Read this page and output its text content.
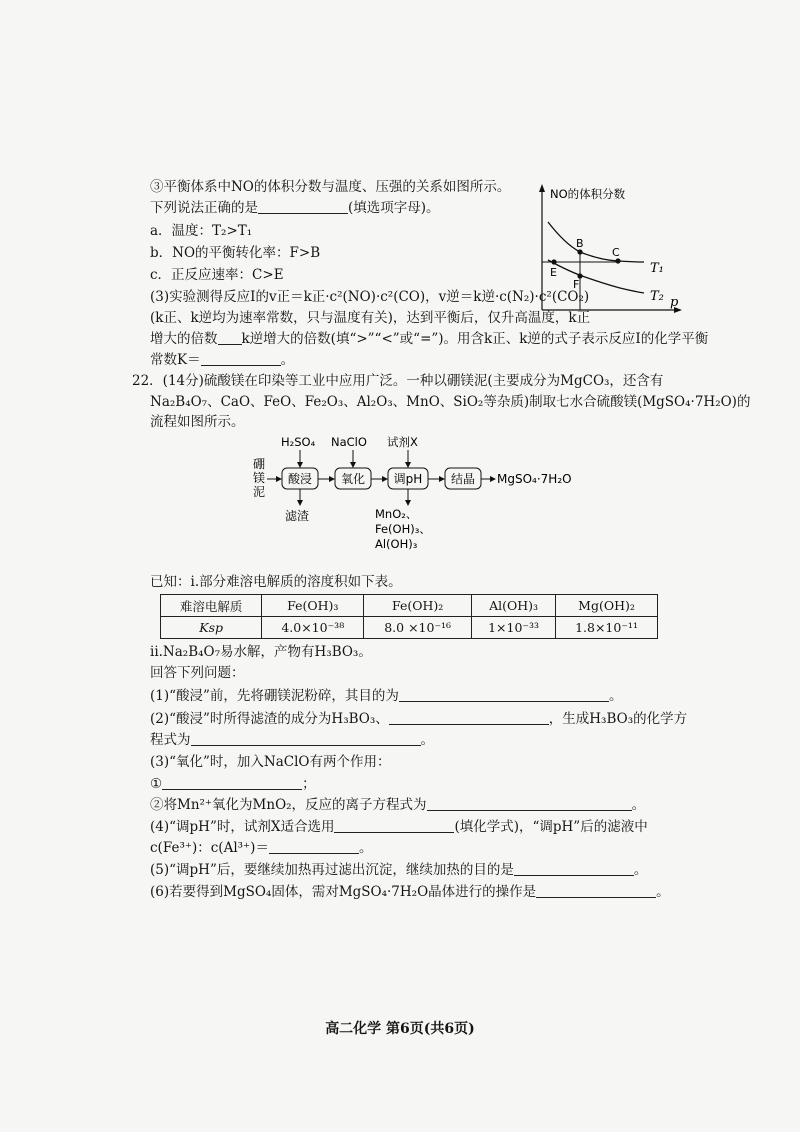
③平衡体系中NO的体积分数与温度、压强的关系如图所示。
下列说法正确的是	(填选项字母)。
a．温度：T₂>T₁
b．NO的平衡转化率：F>B
c．正反应速率：C>E
(3)实验测得反应Ⅰ的v正＝k正·c²(NO)·c²(CO)，v逆＝k逆·c(N₂)·c²(CO₂)
(k正、k逆均为速率常数，只与温度有关)，达到平衡后，仅升高温度，k正
增大的倍数 k逆增大的倍数(填“>”“<”或“=”)。用含k正、k逆的式子表示反应Ⅰ的化学平衡
常数K＝	。
NO的体积分数
p
T₁
T₂
B
C
E
F
22．(14分)硫酸镁在印染等工业中应用广泛。一种以硼镁泥(主要成分为MgCO₃，还含有
Na₂B₄O₇、CaO、FeO、Fe₂O₃、Al₂O₃、MnO、SiO₂等杂质)制取七水合硫酸镁(MgSO₄·7H₂O)的
流程如图所示。
硼
镁
泥
酸浸 氧化 调pH 结晶 MgSO₄·7H₂O
H₂SO₄ NaClO 试剂X
滤渣	MnO₂、
Fe(OH)₃、
Al(OH)₃
已知：i.部分难溶电解质的溶度积如下表。
难溶电解质	Fe(OH)₃	Fe(OH)₂	Al(OH)₃	Mg(OH)₂
Ksp	4.0×10⁻³⁸	8.0 ×10⁻¹⁶	1×10⁻³³	1.8×10⁻¹¹
ii.Na₂B₄O₇易水解，产物有H₃BO₃。
回答下列问题：
(1)“酸浸”前，先将硼镁泥粉碎，其目的为	。
(2)“酸浸”时所得滤渣的成分为H₃BO₃、	，生成H₃BO₃的化学方
程式为	。
(3)“氧化”时，加入NaClO有两个作用：
①	；
②将Mn²⁺氧化为MnO₂，反应的离子方程式为	。
(4)“调pH”时，试剂X适合选用	(填化学式)，“调pH”后的滤液中
c(Fe³⁺)：c(Al³⁺)＝	。
(5)“调pH”后，要继续加热再过滤出沉淀，继续加热的目的是	。
(6)若要得到MgSO₄固体，需对MgSO₄·7H₂O晶体进行的操作是	。
高二化学 第6页(共6页)
